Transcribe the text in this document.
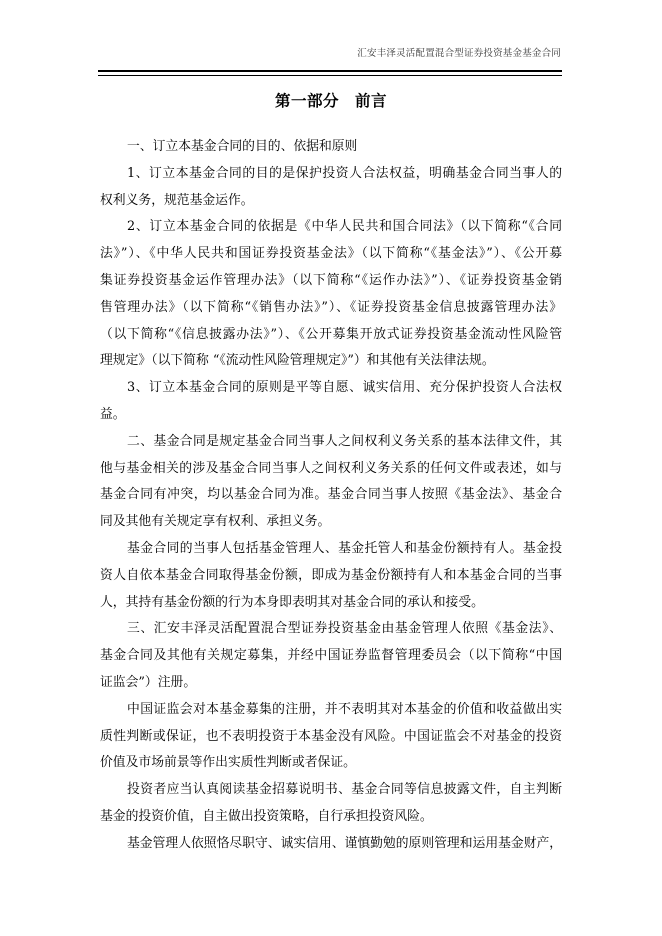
汇安丰泽灵活配置混合型证券投资基金基金合同
第一部分　前言
一、订立本基金合同的目的、依据和原则
1、订立本基金合同的目的是保护投资人合法权益，明确基金合同当事人的
权利义务，规范基金运作。
2、订立本基金合同的依据是《中华人民共和国合同法》（以下简称“《合同
法》”）、《中华人民共和国证券投资基金法》（以下简称“《基金法》”）、《公开募
集证券投资基金运作管理办法》（以下简称“《运作办法》”）、《证券投资基金销
售管理办法》（以下简称“《销售办法》”）、《证券投资基金信息披露管理办法》
（以下简称“《信息披露办法》”）、《公开募集开放式证券投资基金流动性风险管
理规定》（以下简称 “《流动性风险管理规定》”）和其他有关法律法规。
3、订立本基金合同的原则是平等自愿、诚实信用、充分保护投资人合法权
益。
二、基金合同是规定基金合同当事人之间权利义务关系的基本法律文件，其
他与基金相关的涉及基金合同当事人之间权利义务关系的任何文件或表述，如与
基金合同有冲突，均以基金合同为准。基金合同当事人按照《基金法》、基金合
同及其他有关规定享有权利、承担义务。
基金合同的当事人包括基金管理人、基金托管人和基金份额持有人。基金投
资人自依本基金合同取得基金份额，即成为基金份额持有人和本基金合同的当事
人，其持有基金份额的行为本身即表明其对基金合同的承认和接受。
三、汇安丰泽灵活配置混合型证券投资基金由基金管理人依照《基金法》、
基金合同及其他有关规定募集，并经中国证券监督管理委员会（以下简称“中国
证监会”）注册。
中国证监会对本基金募集的注册，并不表明其对本基金的价值和收益做出实
质性判断或保证，也不表明投资于本基金没有风险。中国证监会不对基金的投资
价值及市场前景等作出实质性判断或者保证。
投资者应当认真阅读基金招募说明书、基金合同等信息披露文件，自主判断
基金的投资价值，自主做出投资策略，自行承担投资风险。
基金管理人依照恪尽职守、诚实信用、谨慎勤勉的原则管理和运用基金财产，
